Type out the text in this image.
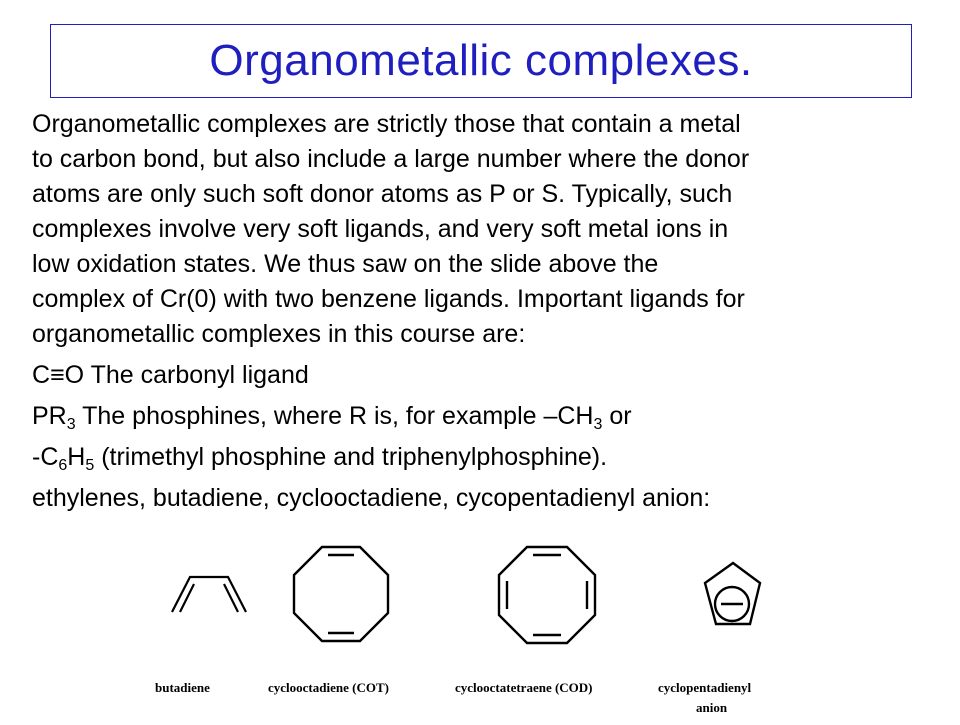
Organometallic complexes.

Organometallic complexes are strictly those that contain a metal
to carbon bond, but also include a large number where the donor
atoms are only such soft donor atoms as P or S. Typically, such
complexes involve very soft ligands, and very soft metal ions in
low oxidation states. We thus saw on the slide above the
complex of Cr(0) with two benzene ligands. Important ligands for
organometallic complexes in this course are:

C≡O The carbonyl ligand

$PR_3$ The phosphines, where R is, for example $-CH_3$ or

$-C_6H_5$ (trimethyl phosphine and triphenylphosphine).

ethylenes, butadiene, cyclooctadiene, cycopentadienyl anion:

butadiene	cyclooctadiene (COT)	cyclooctatetraene (COD)	cyclopentadienyl
anion
